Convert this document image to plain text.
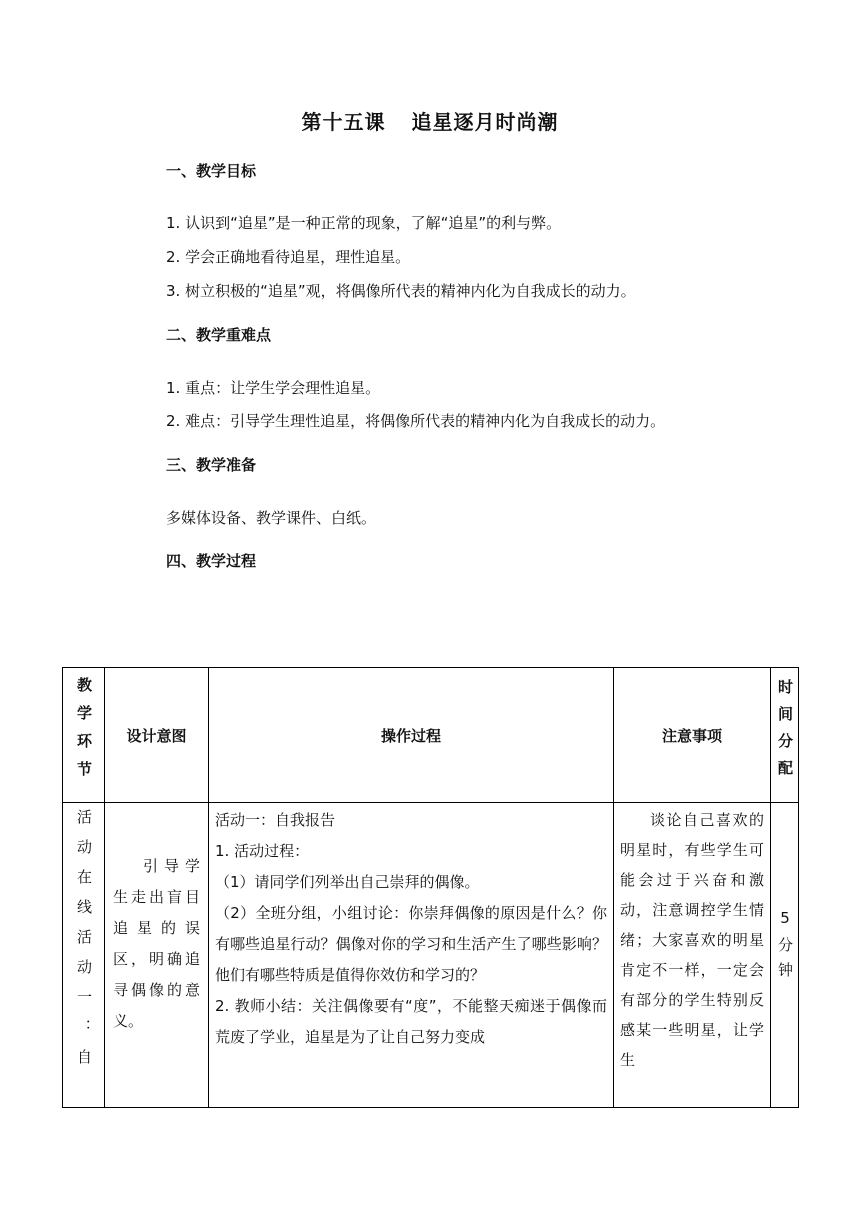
第十五课 追星逐月时尚潮
一、教学目标
1. 认识到“追星”是一种正常的现象，了解“追星”的利与弊。
2. 学会正确地看待追星，理性追星。
3. 树立积极的“追星”观，将偶像所代表的精神内化为自我成长的动力。
二、教学重难点
1. 重点：让学生学会理性追星。
2. 难点：引导学生理性追星，将偶像所代表的精神内化为自我成长的动力。
三、教学准备
多媒体设备、教学课件、白纸。
四、教学过程
教学环节	设计意图	操作过程	注意事项	时间分配

活动在线活动一：自	引导学生走出盲目追星的误区，明确追寻偶像的意义。	活动一：自我报告
1. 活动过程：
（1）请同学们列举出自己崇拜的偶像。
（2）全班分组，小组讨论：你崇拜偶像的原因是什么？你有哪些追星行动？偶像对你的学习和生活产生了哪些影响？他们有哪些特质是值得你效仿和学习的？
2. 教师小结：关注偶像要有“度”，不能整天痴迷于偶像而荒废了学业，追星是为了让自己努力变成	谈论自己喜欢的明星时，有些学生可能会过于兴奋和激动，注意调控学生情绪；大家喜欢的明星肯定不一样，一定会有部分的学生特别反感某一些明星，让学生	5分钟
